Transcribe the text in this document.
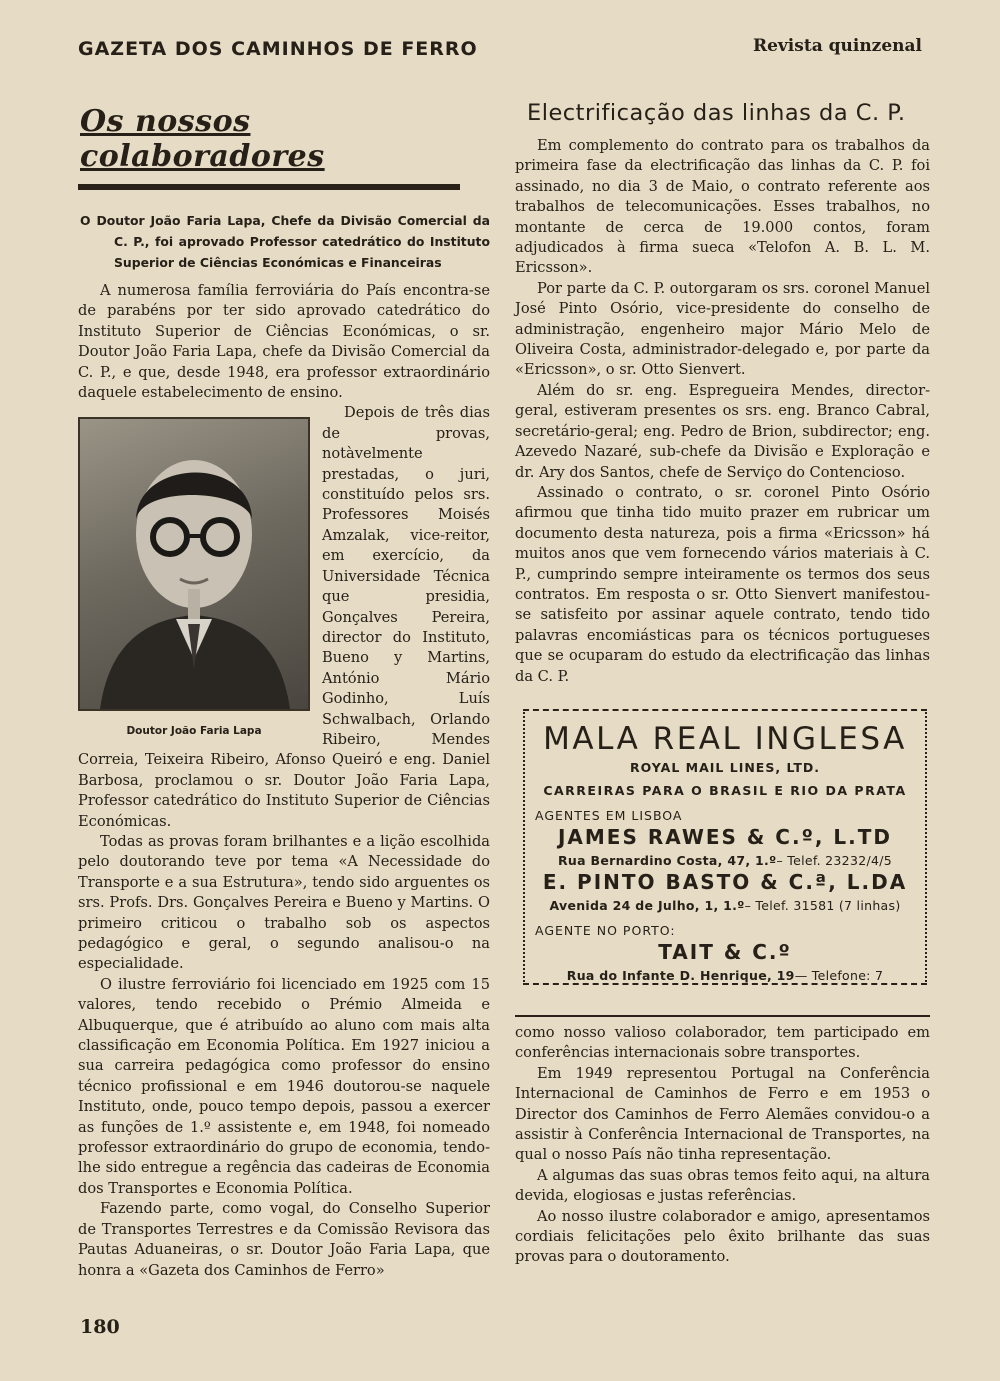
GAZETA DOS CAMINHOS DE FERRO	Revista quinzenal
Os nossos colaboradores

O Doutor João Faria Lapa, Chefe da Divisão Comercial da C. P., foi aprovado Professor catedrático do Instituto Superior de Ciências Económicas e Financeiras

A numerosa família ferroviária do País encontra-se de parabéns por ter sido aprovado catedrático do Instituto Superior de Ciências Económicas, o sr. Doutor João Faria Lapa, chefe da Divisão Comercial da C. P., e que, desde 1948, era professor extraordinário daquele estabelecimento de ensino.

Doutor João Faria Lapa

Depois de três dias de provas, notàvelmente prestadas, o juri, constituído pelos srs. Professores Moisés Amzalak, vice-reitor, em exercício, da Universidade Técnica que presidia, Gonçalves Pereira, director do Instituto, Bueno y Martins, António Mário Godinho, Luís Schwalbach, Orlando Ribeiro, Mendes Correia, Teixeira Ribeiro, Afonso Queiró e eng. Daniel Barbosa, proclamou o sr. Doutor João Faria Lapa, Professor catedrático do Instituto Superior de Ciências Económicas.

Todas as provas foram brilhantes e a lição escolhida pelo doutorando teve por tema «A Necessidade do Transporte e a sua Estrutura», tendo sido arguentes os srs. Profs. Drs. Gonçalves Pereira e Bueno y Martins. O primeiro criticou o trabalho sob os aspectos pedagógico e geral, o segundo analisou-o na especialidade.

O ilustre ferroviário foi licenciado em 1925 com 15 valores, tendo recebido o Prémio Almeida e Albuquerque, que é atribuído ao aluno com mais alta classificação em Economia Política. Em 1927 iniciou a sua carreira pedagógica como professor do ensino técnico profissional e em 1946 doutorou-se naquele Instituto, onde, pouco tempo depois, passou a exercer as funções de 1.º assistente e, em 1948, foi nomeado professor extraordinário do grupo de economia, tendo-lhe sido entregue a regência das cadeiras de Economia dos Transportes e Economia Política.

Fazendo parte, como vogal, do Conselho Superior de Transportes Terrestres e da Comissão Revisora das Pautas Aduaneiras, o sr. Doutor João Faria Lapa, que honra a «Gazeta dos Caminhos de Ferro»

Electrificação das linhas da C. P.

Em complemento do contrato para os trabalhos da primeira fase da electrificação das linhas da C. P. foi assinado, no dia 3 de Maio, o contrato referente aos trabalhos de telecomunicações. Esses trabalhos, no montante de cerca de 19.000 contos, foram adjudicados à firma sueca «Telofon A. B. L. M. Ericsson».

Por parte da C. P. outorgaram os srs. coronel Manuel José Pinto Osório, vice-presidente do conselho de administração, engenheiro major Mário Melo de Oliveira Costa, administrador-delegado e, por parte da «Ericsson», o sr. Otto Sienvert.

Além do sr. eng. Espregueira Mendes, director-geral, estiveram presentes os srs. eng. Branco Cabral, secretário-geral; eng. Pedro de Brion, subdirector; eng. Azevedo Nazaré, sub-chefe da Divisão e Exploração e dr. Ary dos Santos, chefe de Serviço do Contencioso.

Assinado o contrato, o sr. coronel Pinto Osório afirmou que tinha tido muito prazer em rubricar um documento desta natureza, pois a firma «Ericsson» há muitos anos que vem fornecendo vários materiais à C. P., cumprindo sempre inteiramente os termos dos seus contratos. Em resposta o sr. Otto Sienvert manifestou-se satisfeito por assinar aquele contrato, tendo tido palavras encomiásticas para os técnicos portugueses que se ocuparam do estudo da electrificação das linhas da C. P.

MALA REAL INGLESA
ROYAL MAIL LINES, LTD.
CARREIRAS PARA O BRASIL E RIO DA PRATA
AGENTES EM LISBOA
JAMES RAWES & C.º, L.TD
Rua Bernardino Costa, 47, 1.º– Telef. 23232/4/5
E. PINTO BASTO & C.ª, L.DA
Avenida 24 de Julho, 1, 1.º– Telef. 31581 (7 linhas)
AGENTE NO PORTO:
TAIT & C.º
Rua do Infante D. Henrique, 19— Telefone: 7

como nosso valioso colaborador, tem participado em conferências internacionais sobre transportes.

Em 1949 representou Portugal na Conferência Internacional de Caminhos de Ferro e em 1953 o Director dos Caminhos de Ferro Alemães convidou-o a assistir à Conferência Internacional de Transportes, na qual o nosso País não tinha representação.

A algumas das suas obras temos feito aqui, na altura devida, elogiosas e justas referências.

Ao nosso ilustre colaborador e amigo, apresentamos cordiais felicitações pelo êxito brilhante das suas provas para o doutoramento.

180
